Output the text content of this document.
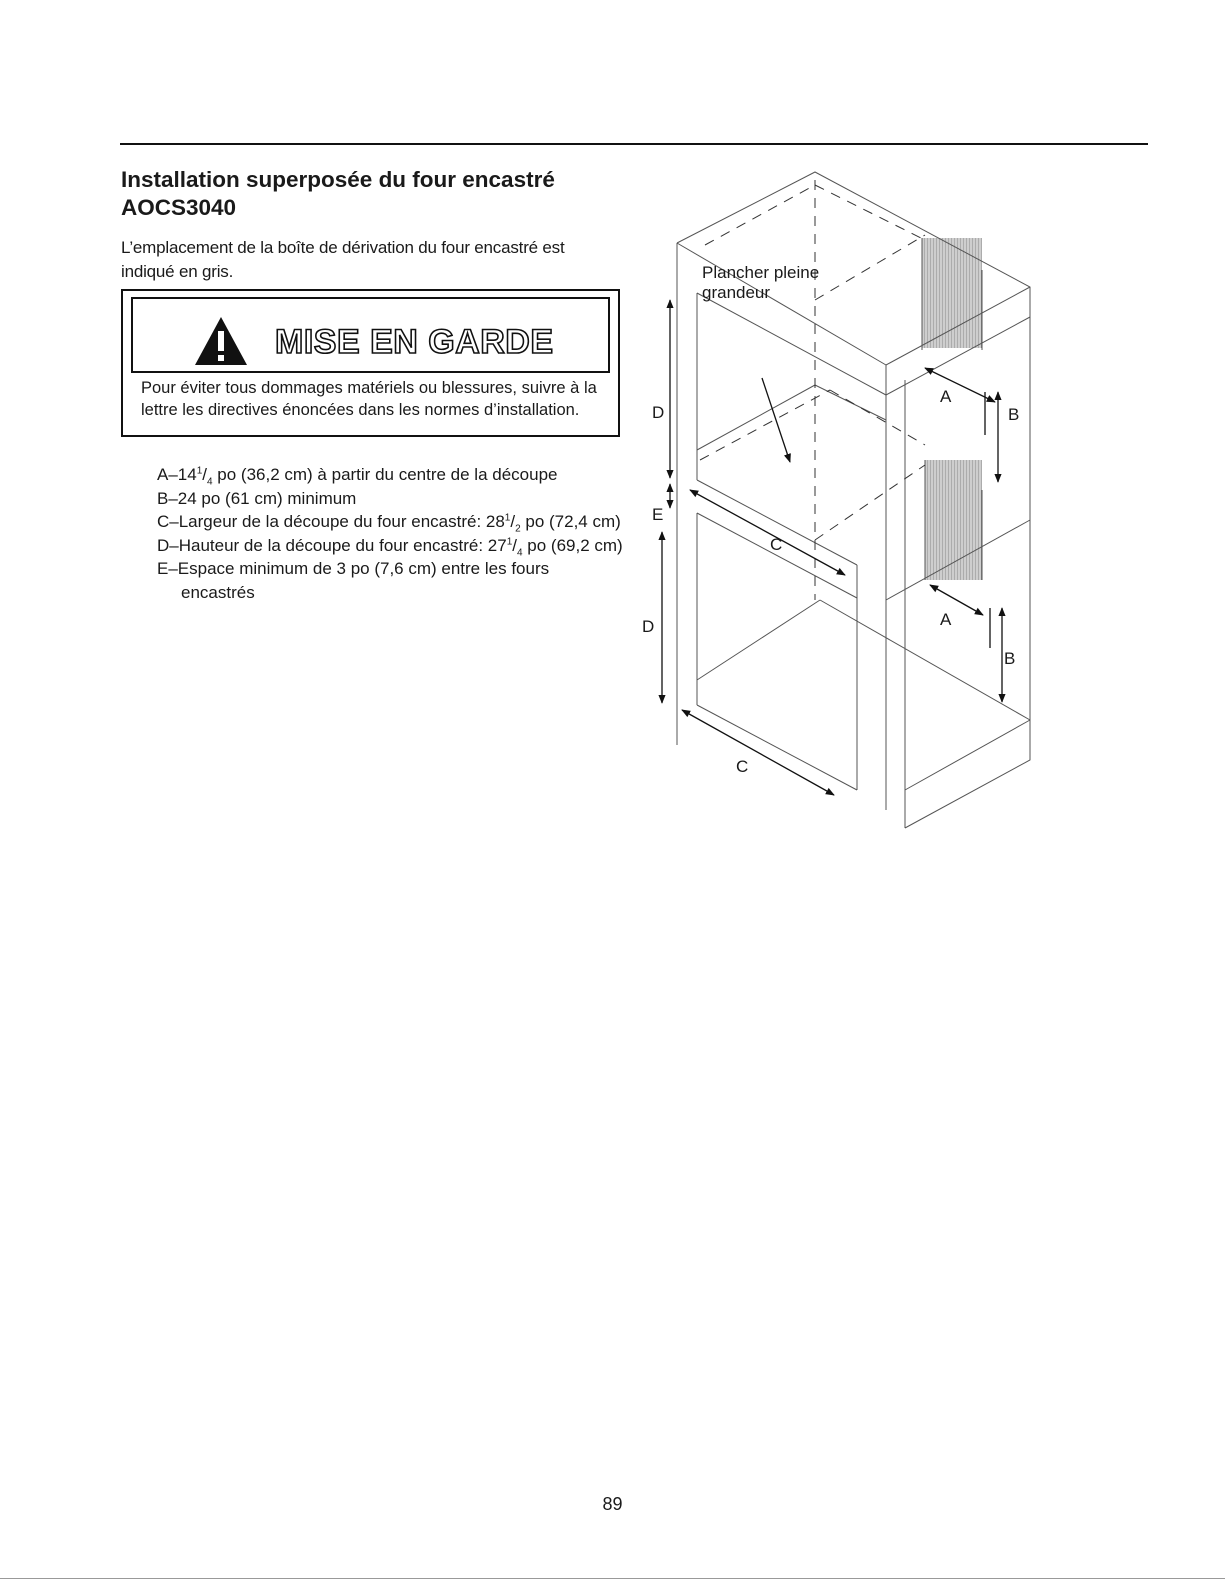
Installation superposée du four encastré
AOCS3040

L’emplacement de la boîte de dérivation du four encastré est indiqué en gris.

MISE EN GARDE

Pour éviter tous dommages matériels ou blessures, suivre à la lettre les directives énoncées dans les normes d’installation.

$A-14^1/_4$ po (36,2 cm) à partir du centre de la découpe
B–24 po (61 cm) minimum
C–Largeur de la découpe du four encastré: $28^1/_2$ po (72,4 cm)
D–Hauteur de la découpe du four encastré: $27^1/_4$ po (69,2 cm)
E–Espace minimum de 3 po (7,6 cm) entre les fours encastrés
Plancher pleine
grandeur
D
E
C
D
C
A
B
A
B

89
